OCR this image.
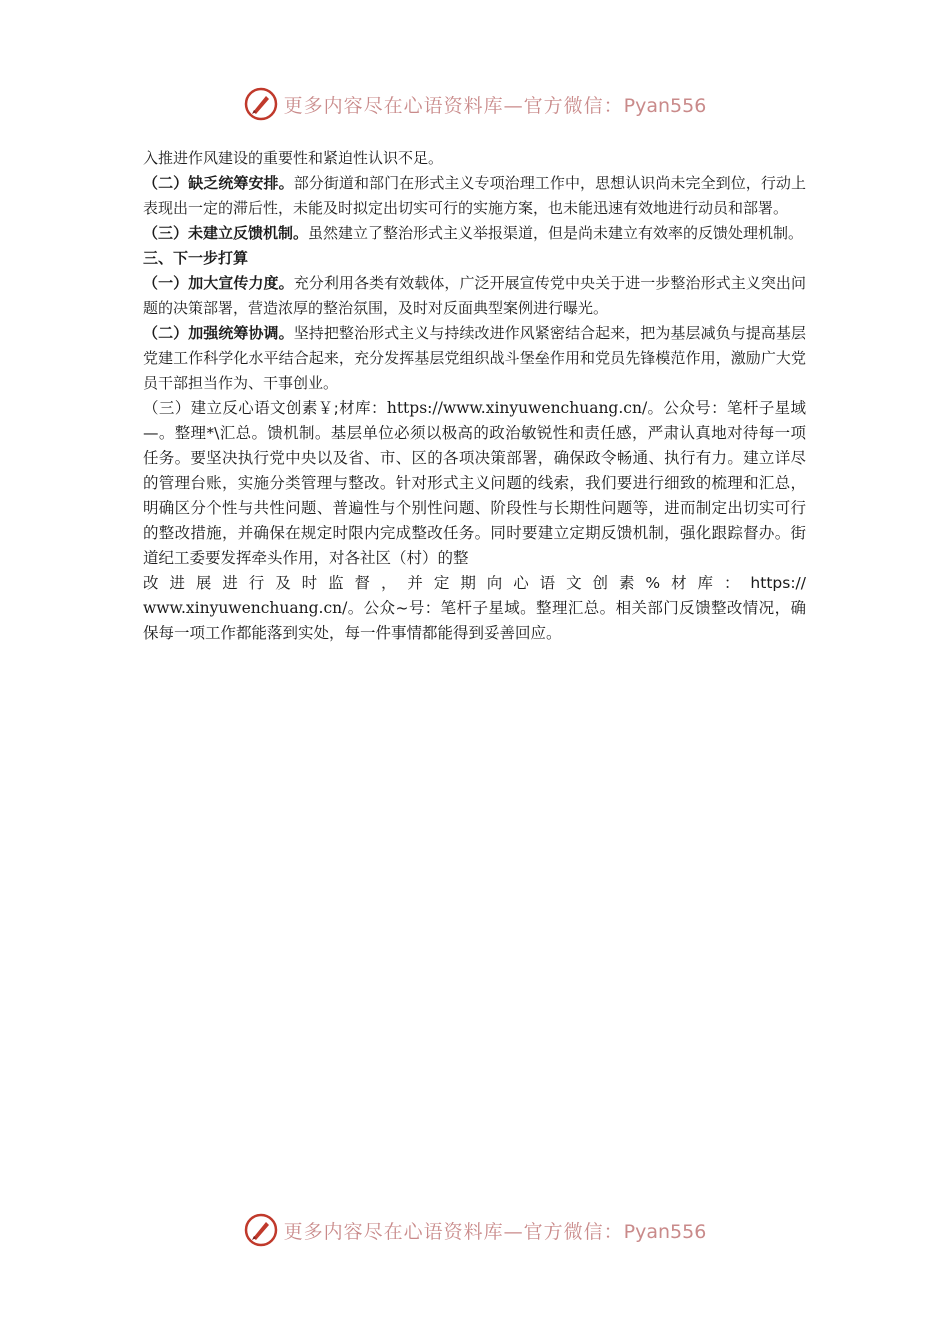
更多内容尽在心语资料库—官方微信：Pyan556

入推进作风建设的重要性和紧迫性认识不足。

（二）缺乏统筹安排。部分街道和部门在形式主义专项治理工作中，思想认识尚未完全到位，行动上表现出一定的滞后性，未能及时拟定出切实可行的实施方案，也未能迅速有效地进行动员和部署。

（三）未建立反馈机制。虽然建立了整治形式主义举报渠道，但是尚未建立有效率的反馈处理机制。

三、下一步打算

（一）加大宣传力度。充分利用各类有效载体，广泛开展宣传党中央关于进一步整治形式主义突出问题的决策部署，营造浓厚的整治氛围，及时对反面典型案例进行曝光。

（二）加强统筹协调。坚持把整治形式主义与持续改进作风紧密结合起来，把为基层减负与提高基层党建工作科学化水平结合起来，充分发挥基层党组织战斗堡垒作用和党员先锋模范作用，激励广大党员干部担当作为、干事创业。

（三）建立反心语文创素￥;材库：https://www.xinyuwenchuang.cn/。公众号：笔杆子星域—。整理*\汇总。馈机制。基层单位必须以极高的政治敏锐性和责任感，严肃认真地对待每一项任务。要坚决执行党中央以及省、市、区的各项决策部署，确保政令畅通、执行有力。建立详尽的管理台账，实施分类管理与整改。针对形式主义问题的线索，我们要进行细致的梳理和汇总，明确区分个性与共性问题、普遍性与个别性问题、阶段性与长期性问题等，进而制定出切实可行的整改措施，并确保在规定时限内完成整改任务。同时要建立定期反馈机制，强化跟踪督办。街道纪工委要发挥牵头作用，对各社区（村）的整

改进展进行及时监督，并定期向心语文创素%材库：https://

www.xinyuwenchuang.cn/。公众~号：笔杆子星域。整理汇总。相关部门反馈整改情况，确保每一项工作都能落到实处，每一件事情都能得到妥善回应。

更多内容尽在心语资料库—官方微信：Pyan556
